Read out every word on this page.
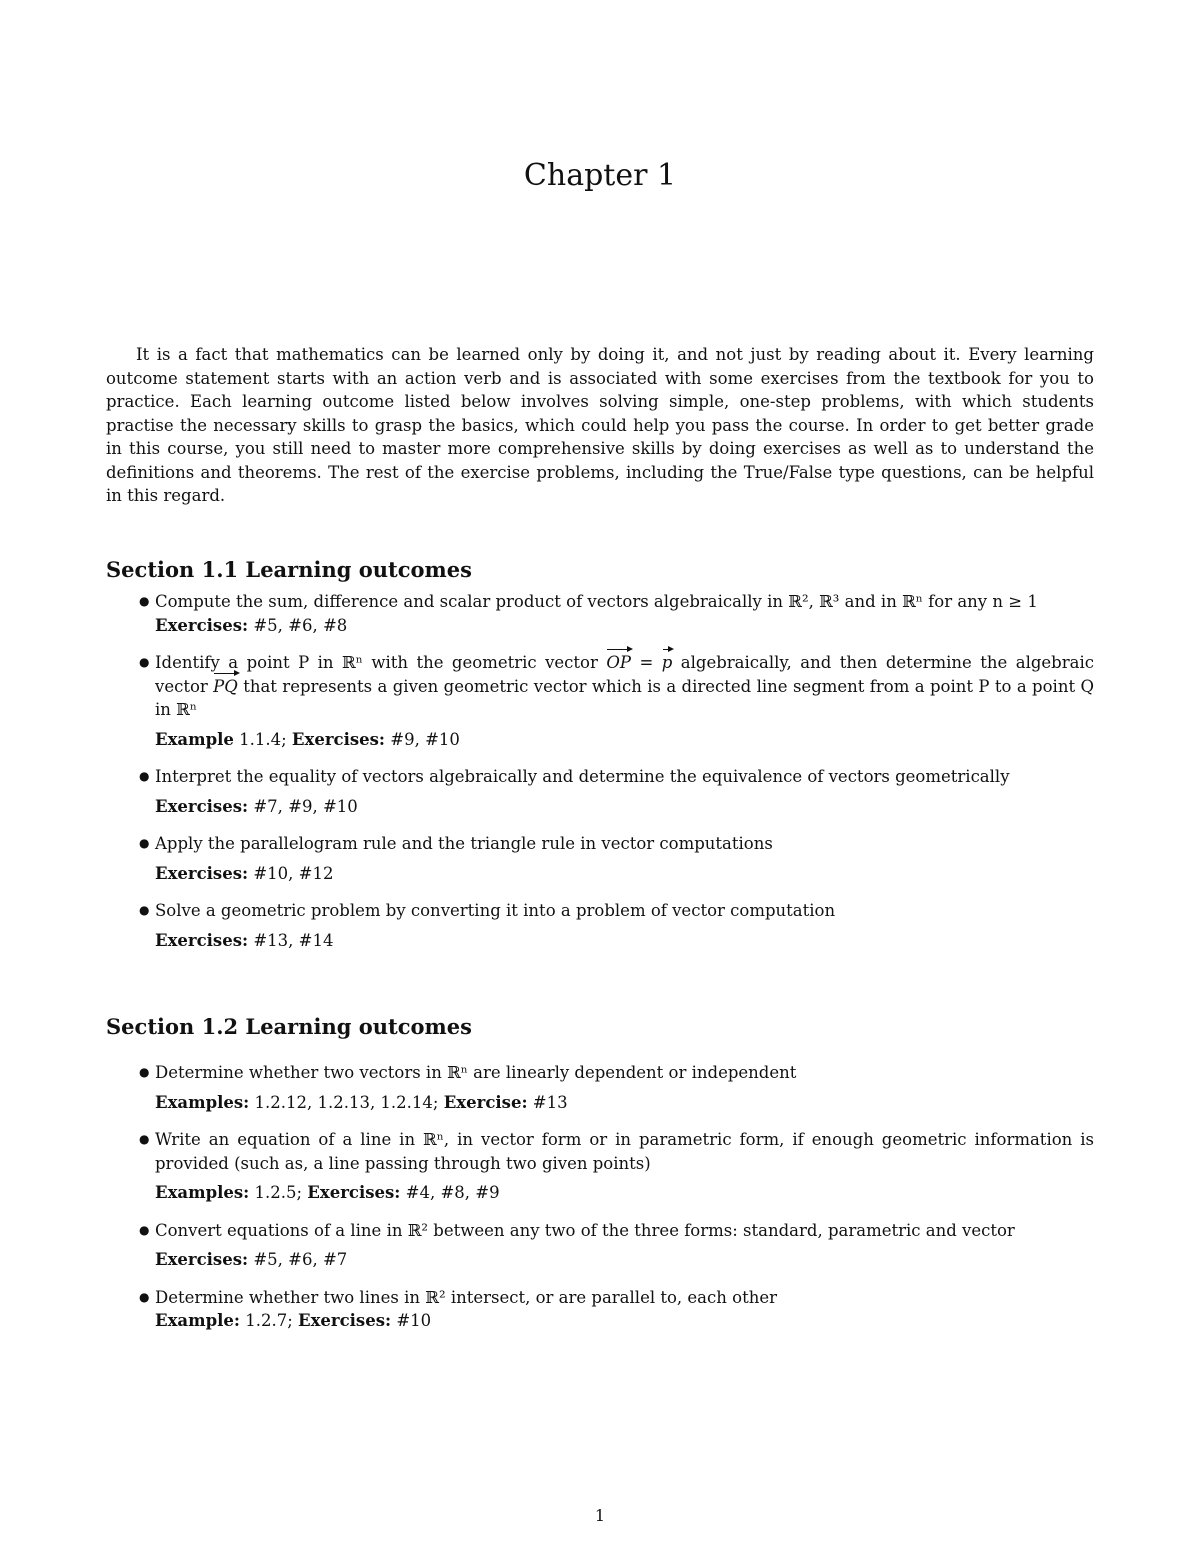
Chapter 1

It is a fact that mathematics can be learned only by doing it, and not just by reading about it. Every learning outcome statement starts with an action verb and is associated with some exercises from the textbook for you to practice. Each learning outcome listed below involves solving simple, one-step problems, with which students practise the necessary skills to grasp the basics, which could help you pass the course. In order to get better grade in this course, you still need to master more comprehensive skills by doing exercises as well as to understand the definitions and theorems. The rest of the exercise problems, including the True/False type questions, can be helpful in this regard.

Section 1.1 Learning outcomes
● Compute the sum, difference and scalar product of vectors algebraically in ℝ², ℝ³ and in ℝⁿ for any n ≥ 1
Exercises: #5, #6, #8
● Identify a point P in ℝⁿ with the geometric vector OP = p algebraically, and then determine the algebraic vector PQ that represents a given geometric vector which is a directed line segment from a point P to a point Q in ℝⁿ
Example 1.1.4; Exercises: #9, #10
● Interpret the equality of vectors algebraically and determine the equivalence of vectors geometrically
Exercises: #7, #9, #10
● Apply the parallelogram rule and the triangle rule in vector computations
Exercises: #10, #12
● Solve a geometric problem by converting it into a problem of vector computation
Exercises: #13, #14
Section 1.2 Learning outcomes
● Determine whether two vectors in ℝⁿ are linearly dependent or independent
Examples: 1.2.12, 1.2.13, 1.2.14; Exercise: #13
● Write an equation of a line in ℝⁿ, in vector form or in parametric form, if enough geometric information is provided (such as, a line passing through two given points)
Examples: 1.2.5; Exercises: #4, #8, #9
● Convert equations of a line in ℝ² between any two of the three forms: standard, parametric and vector
Exercises: #5, #6, #7
● Determine whether two lines in ℝ² intersect, or are parallel to, each other
Example: 1.2.7; Exercises: #10
1
